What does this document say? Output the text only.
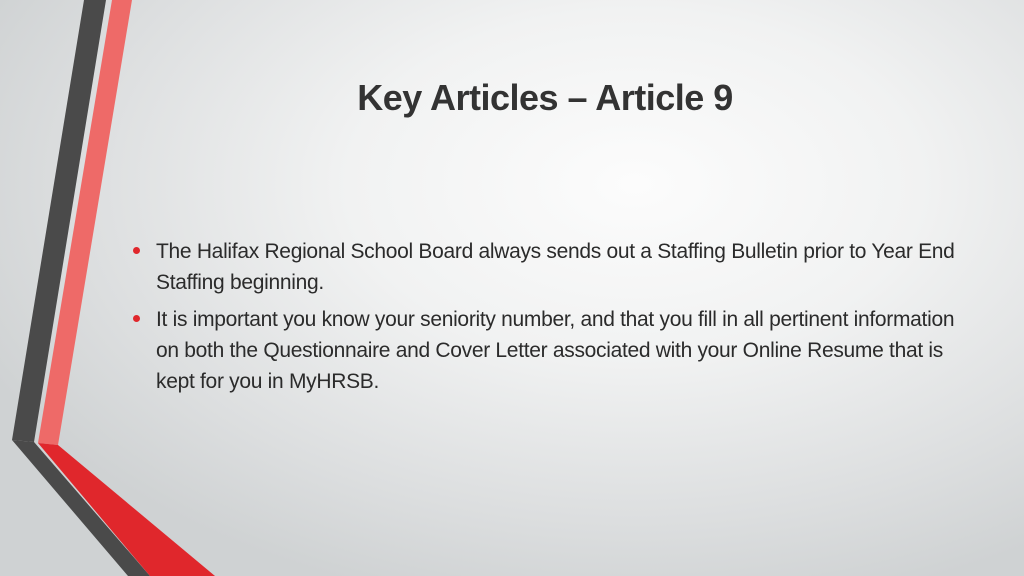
Key Articles – Article 9
The Halifax Regional School Board always sends out a Staffing Bulletin prior to Year End Staffing beginning.
It is important you know your seniority number, and that you fill in all pertinent information on both the Questionnaire and Cover Letter associated with your Online Resume that is kept for you in MyHRSB.
